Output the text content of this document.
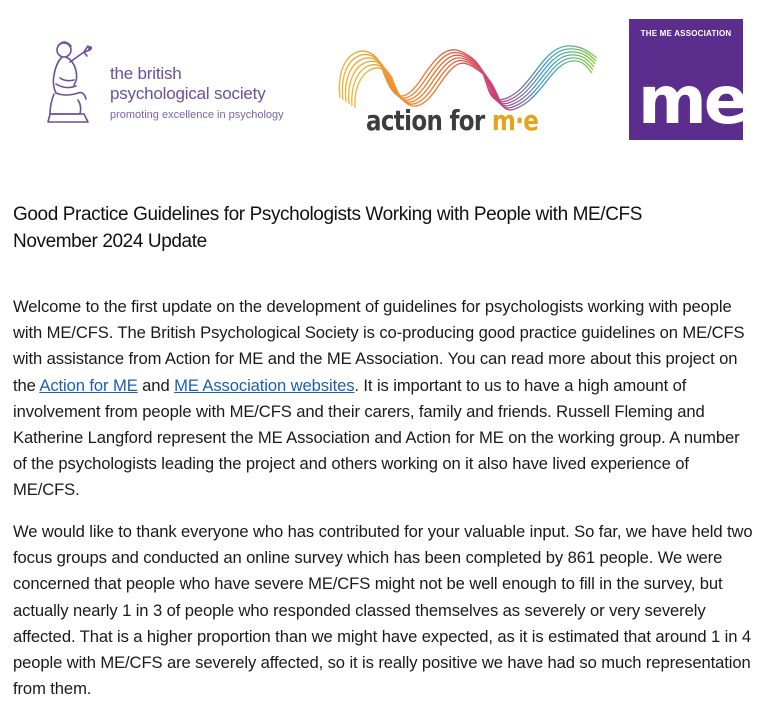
the british
psychological society
promoting excellence in psychology	action for m·e
THE ME ASSOCIATION
me
Good Practice Guidelines for Psychologists Working with People with ME/CFS
November 2024 Update

Welcome to the first update on the development of guidelines for psychologists working with people with ME/CFS. The British Psychological Society is co-producing good practice guidelines on ME/CFS with assistance from Action for ME and the ME Association. You can read more about this project on the Action for ME and ME Association websites. It is important to us to have a high amount of involvement from people with ME/CFS and their carers, family and friends. Russell Fleming and Katherine Langford represent the ME Association and Action for ME on the working group. A number of the psychologists leading the project and others working on it also have lived experience of ME/CFS.

We would like to thank everyone who has contributed for your valuable input. So far, we have held two focus groups and conducted an online survey which has been completed by 861 people. We were concerned that people who have severe ME/CFS might not be well enough to fill in the survey, but actually nearly 1 in 3 of people who responded classed themselves as severely or very severely affected. That is a higher proportion than we might have expected, as it is estimated that around 1 in 4 people with ME/CFS are severely affected, so it is really positive we have had so much representation from them.
